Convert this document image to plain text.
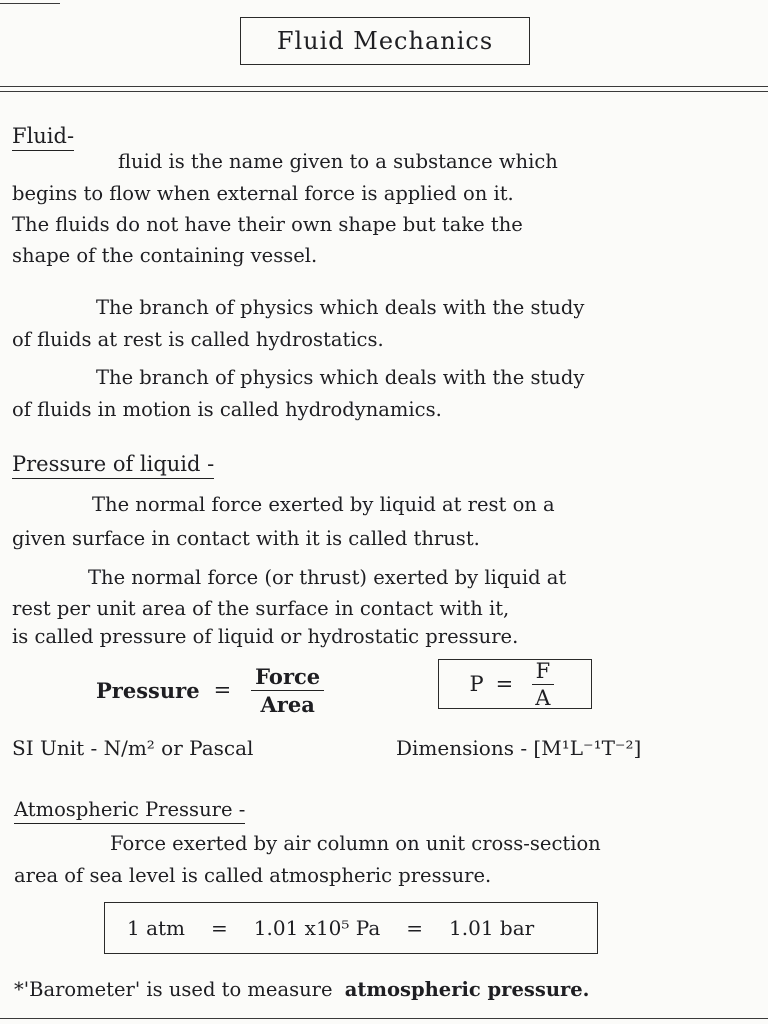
Fluid Mechanics
Fluid-
fluid is the name given to a substance which
begins to flow when external force is applied on it.
The fluids do not have their own shape but take the
shape of the containing vessel.
The branch of physics which deals with the study
of fluids at rest is called hydrostatics.
The branch of physics which deals with the study
of fluids in motion is called hydrodynamics.
Pressure of liquid -
The normal force exerted by liquid at rest on a
given surface in contact with it is called thrust.
The normal force (or thrust) exerted by liquid at
rest per unit area of the surface in contact with it,
is called pressure of liquid or hydrostatic pressure.
Pressure = $\frac{\text{Force}}{\text{Area}}$	$P = \frac{F}{A}$
SI Unit - N/m² or Pascal	Dimensions - [M¹L⁻¹T⁻²]
Atmospheric Pressure -
Force exerted by air column on unit cross-section
area of sea level is called atmospheric pressure.
1 atm = 1.01 x10⁵ Pa = 1.01 bar
*'Barometer' is used to measure atmospheric pressure.
